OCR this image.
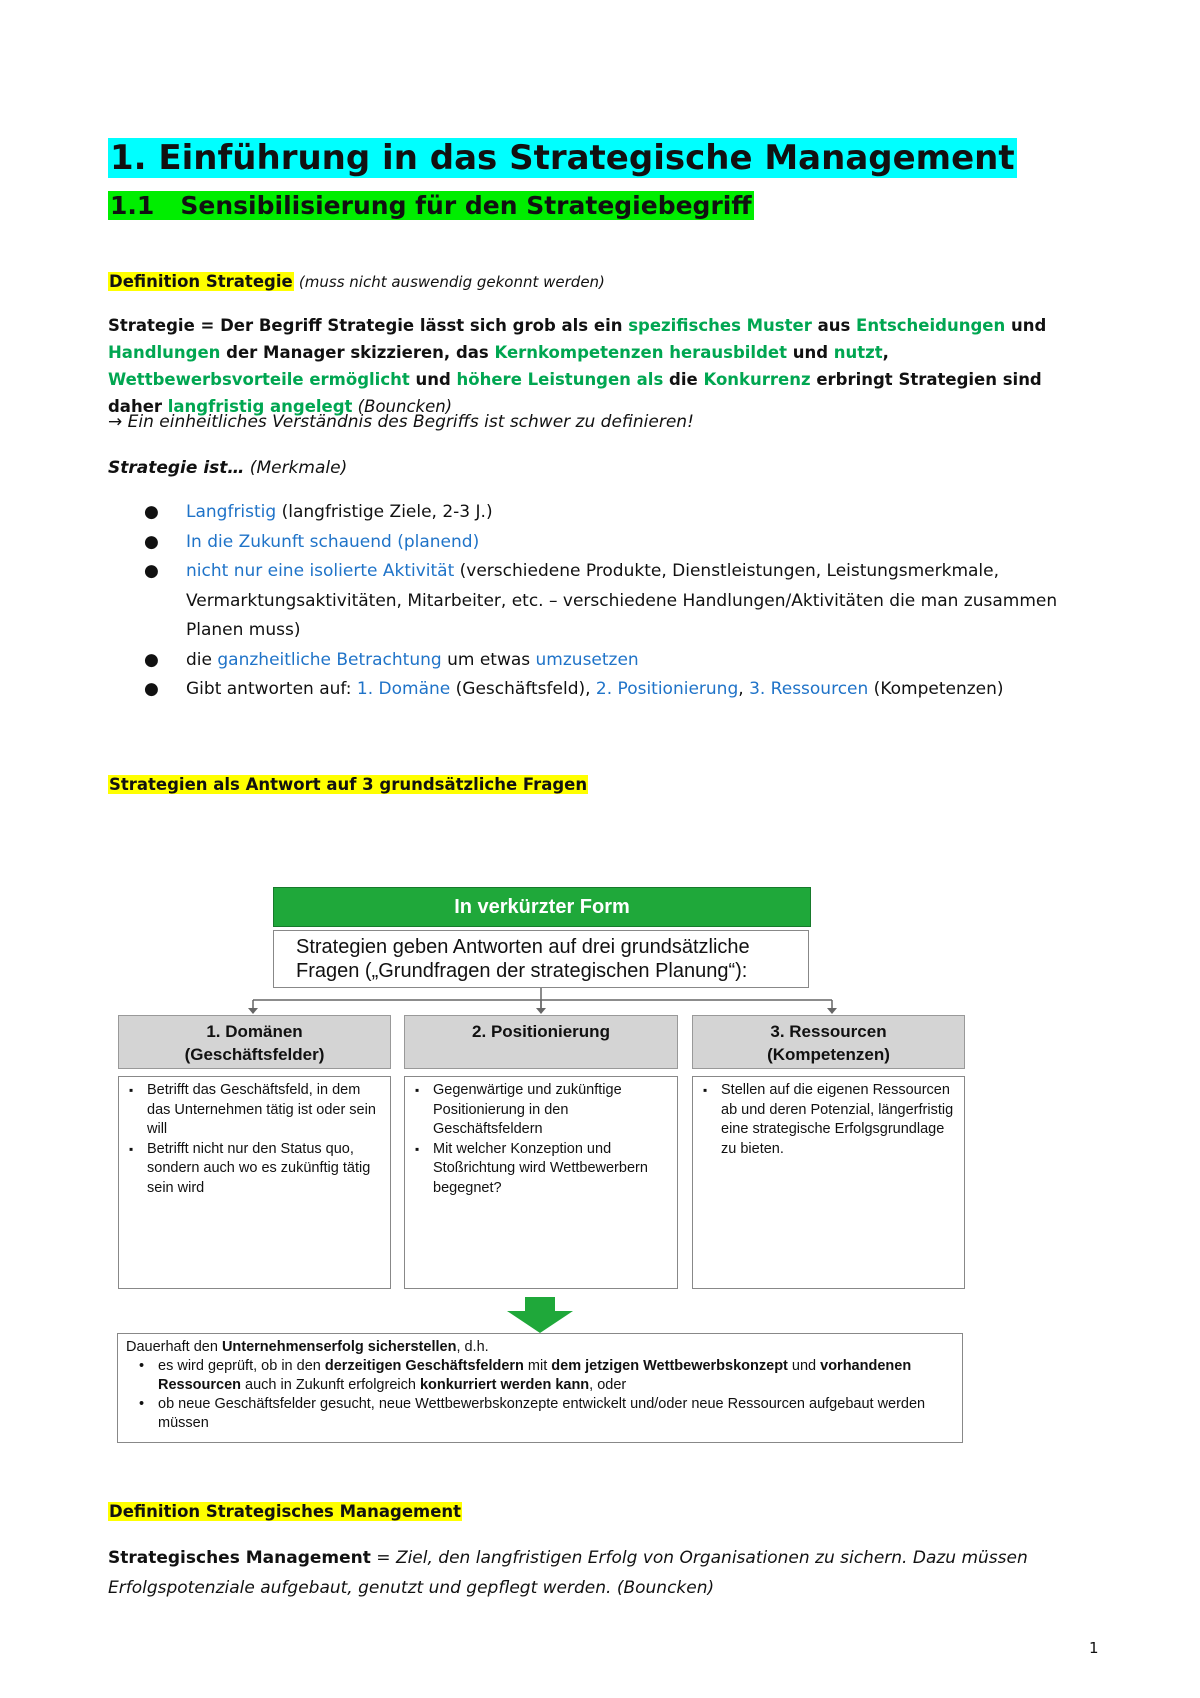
1. Einführung in das Strategische Management
1.1 Sensibilisierung für den Strategiebegriff
Definition Strategie (muss nicht auswendig gekonnt werden)
Strategie = Der Begriff Strategie lässt sich grob als ein spezifisches Muster aus Entscheidungen und Handlungen der Manager skizzieren, das Kernkompetenzen herausbildet und nutzt, Wettbewerbsvorteile ermöglicht und höhere Leistungen als die Konkurrenz erbringt Strategien sind daher langfristig angelegt (Bouncken)
→ Ein einheitliches Verständnis des Begriffs ist schwer zu definieren!
Strategie ist… (Merkmale)
● Langfristig (langfristige Ziele, 2-3 J.)
● In die Zukunft schauend (planend)
● nicht nur eine isolierte Aktivität (verschiedene Produkte, Dienstleistungen, Leistungsmerkmale, Vermarktungsaktivitäten, Mitarbeiter, etc. – verschiedene Handlungen/Aktivitäten die man zusammen Planen muss)
● die ganzheitliche Betrachtung um etwas umzusetzen
● Gibt antworten auf: 1. Domäne (Geschäftsfeld), 2. Positionierung, 3. Ressourcen (Kompetenzen)
Strategien als Antwort auf 3 grundsätzliche Fragen
In verkürzter Form
Strategien geben Antworten auf drei grundsätzliche
Fragen („Grundfragen der strategischen Planung“):
1. Domänen
(Geschäftsfelder)
2. Positionierung	3. Ressourcen
(Kompetenzen)
▪ Betrifft das Geschäftsfeld, in dem das Unternehmen tätig ist oder sein will
▪ Betrifft nicht nur den Status quo, sondern auch wo es zukünftig tätig sein wird
▪ Gegenwärtige und zukünftige Positionierung in den Geschäftsfeldern
▪ Mit welcher Konzeption und Stoßrichtung wird Wettbewerbern begegnet?
▪ Stellen auf die eigenen Ressourcen ab und deren Potenzial, längerfristig eine strategische Erfolgsgrundlage zu bieten.
Dauerhaft den Unternehmenserfolg sicherstellen, d.h.
• es wird geprüft, ob in den derzeitigen Geschäftsfeldern mit dem jetzigen Wettbewerbskonzept und vorhandenen Ressourcen auch in Zukunft erfolgreich konkurriert werden kann, oder
• ob neue Geschäftsfelder gesucht, neue Wettbewerbskonzepte entwickelt und/oder neue Ressourcen aufgebaut werden müssen
Definition Strategisches Management
Strategisches Management = Ziel, den langfristigen Erfolg von Organisationen zu sichern. Dazu müssen Erfolgspotenziale aufgebaut, genutzt und gepflegt werden. (Bouncken)
1
